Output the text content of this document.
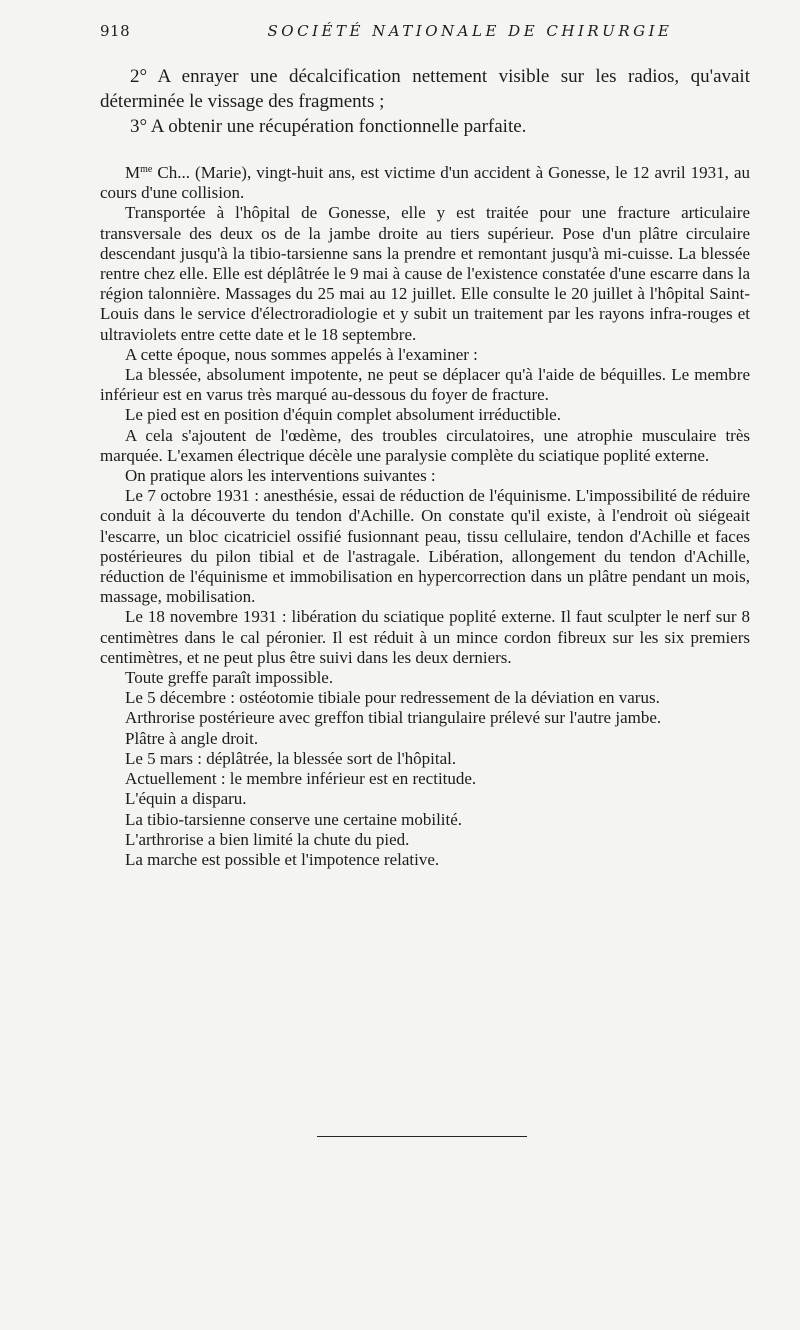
918	SOCIÉTÉ NATIONALE DE CHIRURGIE

2° A enrayer une décalcification nettement visible sur les radios, qu'avait déterminée le vissage des fragments ;

3° A obtenir une récupération fonctionnelle parfaite.

$M^{me}$ Ch... (Marie), vingt-huit ans, est victime d'un accident à Gonesse, le 12 avril 1931, au cours d'une collision.

Transportée à l'hôpital de Gonesse, elle y est traitée pour une fracture articulaire transversale des deux os de la jambe droite au tiers supérieur. Pose d'un plâtre circulaire descendant jusqu'à la tibio-tarsienne sans la prendre et remontant jusqu'à mi-cuisse. La blessée rentre chez elle. Elle est déplâtrée le 9 mai à cause de l'existence constatée d'une escarre dans la région talonnière. Massages du 25 mai au 12 juillet. Elle consulte le 20 juillet à l'hôpital Saint-Louis dans le service d'électroradiologie et y subit un traitement par les rayons infra-rouges et ultraviolets entre cette date et le 18 septembre.

A cette époque, nous sommes appelés à l'examiner :

La blessée, absolument impotente, ne peut se déplacer qu'à l'aide de béquilles. Le membre inférieur est en varus très marqué au-dessous du foyer de fracture.

Le pied est en position d'équin complet absolument irréductible.

A cela s'ajoutent de l'œdème, des troubles circulatoires, une atrophie musculaire très marquée. L'examen électrique décèle une paralysie complète du sciatique poplité externe.

On pratique alors les interventions suivantes :

Le 7 octobre 1931 : anesthésie, essai de réduction de l'équinisme. L'impossibilité de réduire conduit à la découverte du tendon d'Achille. On constate qu'il existe, à l'endroit où siégeait l'escarre, un bloc cicatriciel ossifié fusionnant peau, tissu cellulaire, tendon d'Achille et faces postérieures du pilon tibial et de l'astragale. Libération, allongement du tendon d'Achille, réduction de l'équinisme et immobilisation en hypercorrection dans un plâtre pendant un mois, massage, mobilisation.

Le 18 novembre 1931 : libération du sciatique poplité externe. Il faut sculpter le nerf sur 8 centimètres dans le cal péronier. Il est réduit à un mince cordon fibreux sur les six premiers centimètres, et ne peut plus être suivi dans les deux derniers.

Toute greffe paraît impossible.

Le 5 décembre : ostéotomie tibiale pour redressement de la déviation en varus.

Arthrorise postérieure avec greffon tibial triangulaire prélevé sur l'autre jambe.

Plâtre à angle droit.

Le 5 mars : déplâtrée, la blessée sort de l'hôpital.

Actuellement : le membre inférieur est en rectitude.

L'équin a disparu.

La tibio-tarsienne conserve une certaine mobilité.

L'arthrorise a bien limité la chute du pied.

La marche est possible et l'impotence relative.
